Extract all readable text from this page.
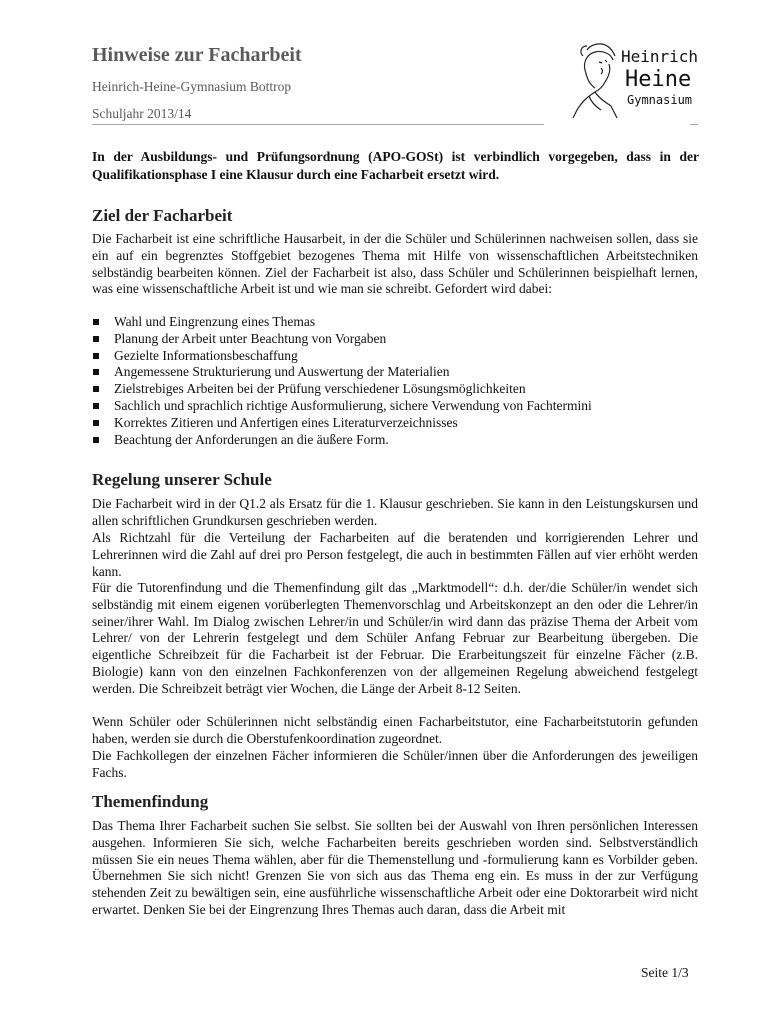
Hinweise zur Facharbeit
Heinrich-Heine-Gymnasium Bottrop
Schuljahr 2013/14
Heinrich
Heine
Gymnasium
In der Ausbildungs- und Prüfungsordnung (APO-GOSt) ist verbindlich vorgegeben, dass in der Qualifikationsphase I eine Klausur durch eine Facharbeit ersetzt wird.
Ziel der Facharbeit

Die Facharbeit ist eine schriftliche Hausarbeit, in der die Schüler und Schülerinnen nachweisen sollen, dass sie ein auf ein begrenztes Stoffgebiet bezogenes Thema mit Hilfe von wissenschaftlichen Arbeitstechniken selbständig bearbeiten können. Ziel der Facharbeit ist also, dass Schüler und Schülerinnen beispielhaft lernen, was eine wissenschaftliche Arbeit ist und wie man sie schreibt. Gefordert wird dabei:

Wahl und Eingrenzung eines Themas
Planung der Arbeit unter Beachtung von Vorgaben
Gezielte Informationsbeschaffung
Angemessene Strukturierung und Auswertung der Materialien
Zielstrebiges Arbeiten bei der Prüfung verschiedener Lösungsmöglichkeiten
Sachlich und sprachlich richtige Ausformulierung, sichere Verwendung von Fachtermini
Korrektes Zitieren und Anfertigen eines Literaturverzeichnisses
Beachtung der Anforderungen an die äußere Form.
Regelung unserer Schule

Die Facharbeit wird in der Q1.2 als Ersatz für die 1. Klausur geschrieben. Sie kann in den Leistungskursen und allen schriftlichen Grundkursen geschrieben werden.

Als Richtzahl für die Verteilung der Facharbeiten auf die beratenden und korrigierenden Lehrer und Lehrerinnen wird die Zahl auf drei pro Person festgelegt, die auch in bestimmten Fällen auf vier erhöht werden kann.

Für die Tutorenfindung und die Themenfindung gilt das „Marktmodell“: d.h. der/die Schüler/in wendet sich selbständig mit einem eigenen vorüberlegten Themenvorschlag und Arbeitskonzept an den oder die Lehrer/in seiner/ihrer Wahl. Im Dialog zwischen Lehrer/in und Schüler/in wird dann das präzise Thema der Arbeit vom Lehrer/ von der Lehrerin festgelegt und dem Schüler Anfang Februar zur Bearbeitung übergeben. Die eigentliche Schreibzeit für die Facharbeit ist der Februar. Die Erarbeitungszeit für einzelne Fächer (z.B. Biologie) kann von den einzelnen Fachkonferenzen von der allgemeinen Regelung abweichend festgelegt werden. Die Schreibzeit beträgt vier Wochen, die Länge der Arbeit 8-12 Seiten.

Wenn Schüler oder Schülerinnen nicht selbständig einen Facharbeitstutor, eine Facharbeitstutorin gefunden haben, werden sie durch die Oberstufenkoordination zugeordnet.

Die Fachkollegen der einzelnen Fächer informieren die Schüler/innen über die Anforderungen des jeweiligen Fachs.

Themenfindung

Das Thema Ihrer Facharbeit suchen Sie selbst. Sie sollten bei der Auswahl von Ihren persönlichen Interessen ausgehen. Informieren Sie sich, welche Facharbeiten bereits geschrieben worden sind. Selbstverständlich müssen Sie ein neues Thema wählen, aber für die Themenstellung und -formulierung kann es Vorbilder geben. Übernehmen Sie sich nicht! Grenzen Sie von sich aus das Thema eng ein. Es muss in der zur Verfügung stehenden Zeit zu bewältigen sein, eine ausführliche wissenschaftliche Arbeit oder eine Doktorarbeit wird nicht erwartet. Denken Sie bei der Eingrenzung Ihres Themas auch daran, dass die Arbeit mit

Seite 1/3
